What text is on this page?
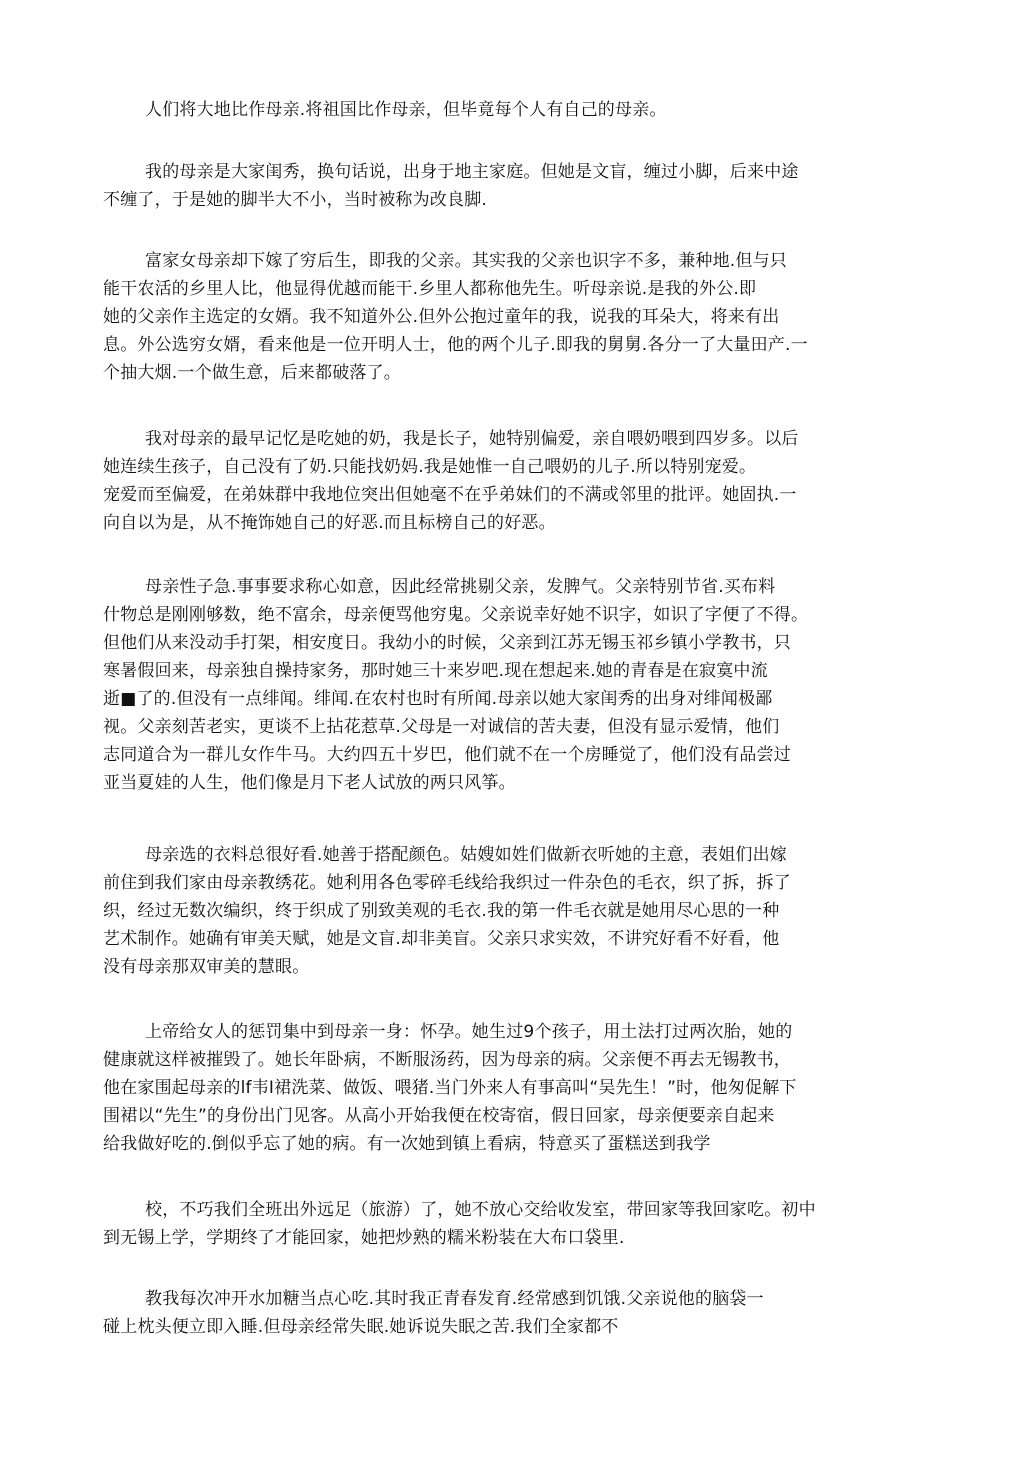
人们将大地比作母亲.将祖国比作母亲，但毕竟每个人有自己的母亲。
我的母亲是大家闺秀，换句话说，出身于地主家庭。但她是文盲，缠过小脚，后来中途
不缠了，于是她的脚半大不小，当时被称为改良脚.
富家女母亲却下嫁了穷后生，即我的父亲。其实我的父亲也识字不多，兼种地.但与只
能干农活的乡里人比，他显得优越而能干.乡里人都称他先生。听母亲说.是我的外公.即
她的父亲作主选定的女婿。我不知道外公.但外公抱过童年的我，说我的耳朵大，将来有出
息。外公选穷女婿，看来他是一位开明人士，他的两个儿子.即我的舅舅.各分一了大量田产.一
个抽大烟.一个做生意，后来都破落了。
我对母亲的最早记忆是吃她的奶，我是长子，她特别偏爱，亲自喂奶喂到四岁多。以后
她连续生孩子，自己没有了奶.只能找奶妈.我是她惟一自己喂奶的儿子.所以特别宠爱。
宠爱而至偏爱，在弟妹群中我地位突出但她毫不在乎弟妹们的不满或邻里的批评。她固执.一
向自以为是，从不掩饰她自己的好恶.而且标榜自己的好恶。
母亲性子急.事事要求称心如意，因此经常挑剔父亲，发脾气。父亲特别节省.买布料
什物总是刚刚够数，绝不富余，母亲便骂他穷鬼。父亲说幸好她不识字，如识了字便了不得。
但他们从来没动手打架，相安度日。我幼小的时候，父亲到江苏无锡玉祁乡镇小学教书，只
寒暑假回来，母亲独自操持家务，那时她三十来岁吧.现在想起来.她的青春是在寂寞中流
逝■了的.但没有一点绯闻。绯闻.在农村也时有所闻.母亲以她大家闺秀的出身对绯闻极鄙
视。父亲刻苦老实，更谈不上拈花惹草.父母是一对诚信的苦夫妻，但没有显示爱情，他们
志同道合为一群儿女作牛马。大约四五十岁巴，他们就不在一个房睡觉了，他们没有品尝过
亚当夏娃的人生，他们像是月下老人试放的两只风筝。
母亲选的衣料总很好看.她善于搭配颜色。姑嫂如姓们做新衣听她的主意，表姐们出嫁
前住到我们家由母亲教绣花。她利用各色零碎毛线给我织过一件杂色的毛衣，织了拆，拆了
织，经过无数次编织，终于织成了别致美观的毛衣.我的第一件毛衣就是她用尽心思的一种
艺术制作。她确有审美天赋，她是文盲.却非美盲。父亲只求实效，不讲究好看不好看，他
没有母亲那双审美的慧眼。
上帝给女人的惩罚集中到母亲一身：怀孕。她生过9个孩子，用土法打过两次胎，她的
健康就这样被摧毁了。她长年卧病，不断服汤药，因为母亲的病。父亲便不再去无锡教书，
他在家围起母亲的lf韦I裙洗菜、做饭、喂猪.当门外来人有事高叫“吴先生！”时，他匆促解下
围裙以“先生”的身份出门见客。从高小开始我便在校寄宿，假日回家，母亲便要亲自起来
给我做好吃的.倒似乎忘了她的病。有一次她到镇上看病，特意买了蛋糕送到我学
校，不巧我们全班出外远足（旅游）了，她不放心交给收发室，带回家等我回家吃。初中
到无锡上学，学期终了才能回家，她把炒熟的糯米粉装在大布口袋里.
教我每次冲开水加糖当点心吃.其时我正青春发育.经常感到饥饿.父亲说他的脑袋一
碰上枕头便立即入睡.但母亲经常失眠.她诉说失眠之苦.我们全家都不
